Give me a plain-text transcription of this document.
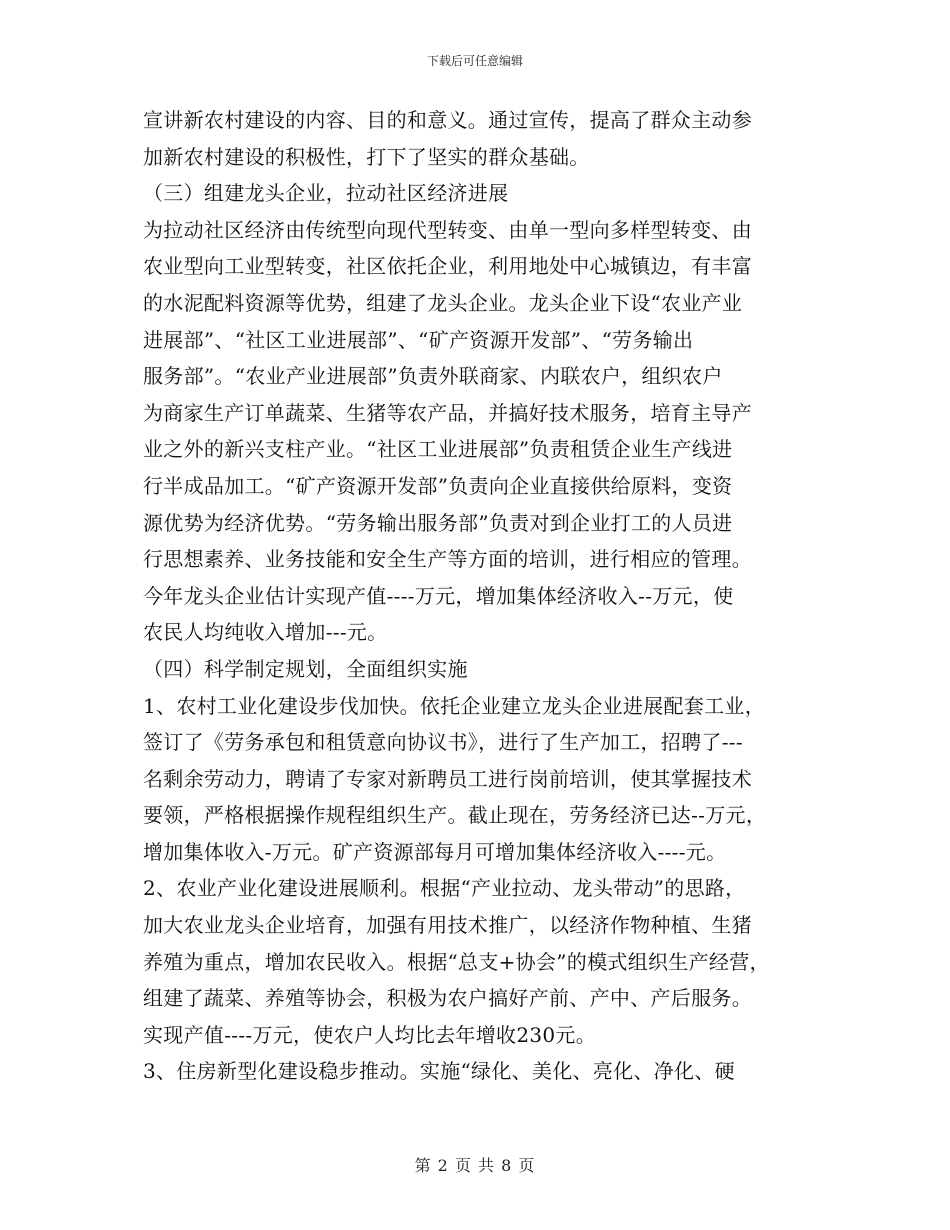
下载后可任意编辑
宣讲新农村建设的内容、目的和意义。通过宣传，提高了群众主动参
加新农村建设的积极性，打下了坚实的群众基础。
（三）组建龙头企业，拉动社区经济进展
为拉动社区经济由传统型向现代型转变、由单一型向多样型转变、由
农业型向工业型转变，社区依托企业，利用地处中心城镇边，有丰富
的水泥配料资源等优势，组建了龙头企业。龙头企业下设“农业产业
进展部”、“社区工业进展部”、“矿产资源开发部”、“劳务输出
服务部”。“农业产业进展部”负责外联商家、内联农户，组织农户
为商家生产订单蔬菜、生猪等农产品，并搞好技术服务，培育主导产
业之外的新兴支柱产业。“社区工业进展部”负责租赁企业生产线进
行半成品加工。“矿产资源开发部”负责向企业直接供给原料，变资
源优势为经济优势。“劳务输出服务部”负责对到企业打工的人员进
行思想素养、业务技能和安全生产等方面的培训，进行相应的管理。
今年龙头企业估计实现产值----万元，增加集体经济收入--万元，使
农民人均纯收入增加---元。
（四）科学制定规划，全面组织实施
1、农村工业化建设步伐加快。依托企业建立龙头企业进展配套工业，
签订了《劳务承包和租赁意向协议书》，进行了生产加工，招聘了---
名剩余劳动力，聘请了专家对新聘员工进行岗前培训，使其掌握技术
要领，严格根据操作规程组织生产。截止现在，劳务经济已达--万元，
增加集体收入-万元。矿产资源部每月可增加集体经济收入----元。
2、农业产业化建设进展顺利。根据“产业拉动、龙头带动”的思路，
加大农业龙头企业培育，加强有用技术推广，以经济作物种植、生猪
养殖为重点，增加农民收入。根据“总支+协会”的模式组织生产经营，
组建了蔬菜、养殖等协会，积极为农户搞好产前、产中、产后服务。
实现产值----万元，使农户人均比去年增收230元。
3、住房新型化建设稳步推动。实施“绿化、美化、亮化、净化、硬
第 2 页 共 8 页
